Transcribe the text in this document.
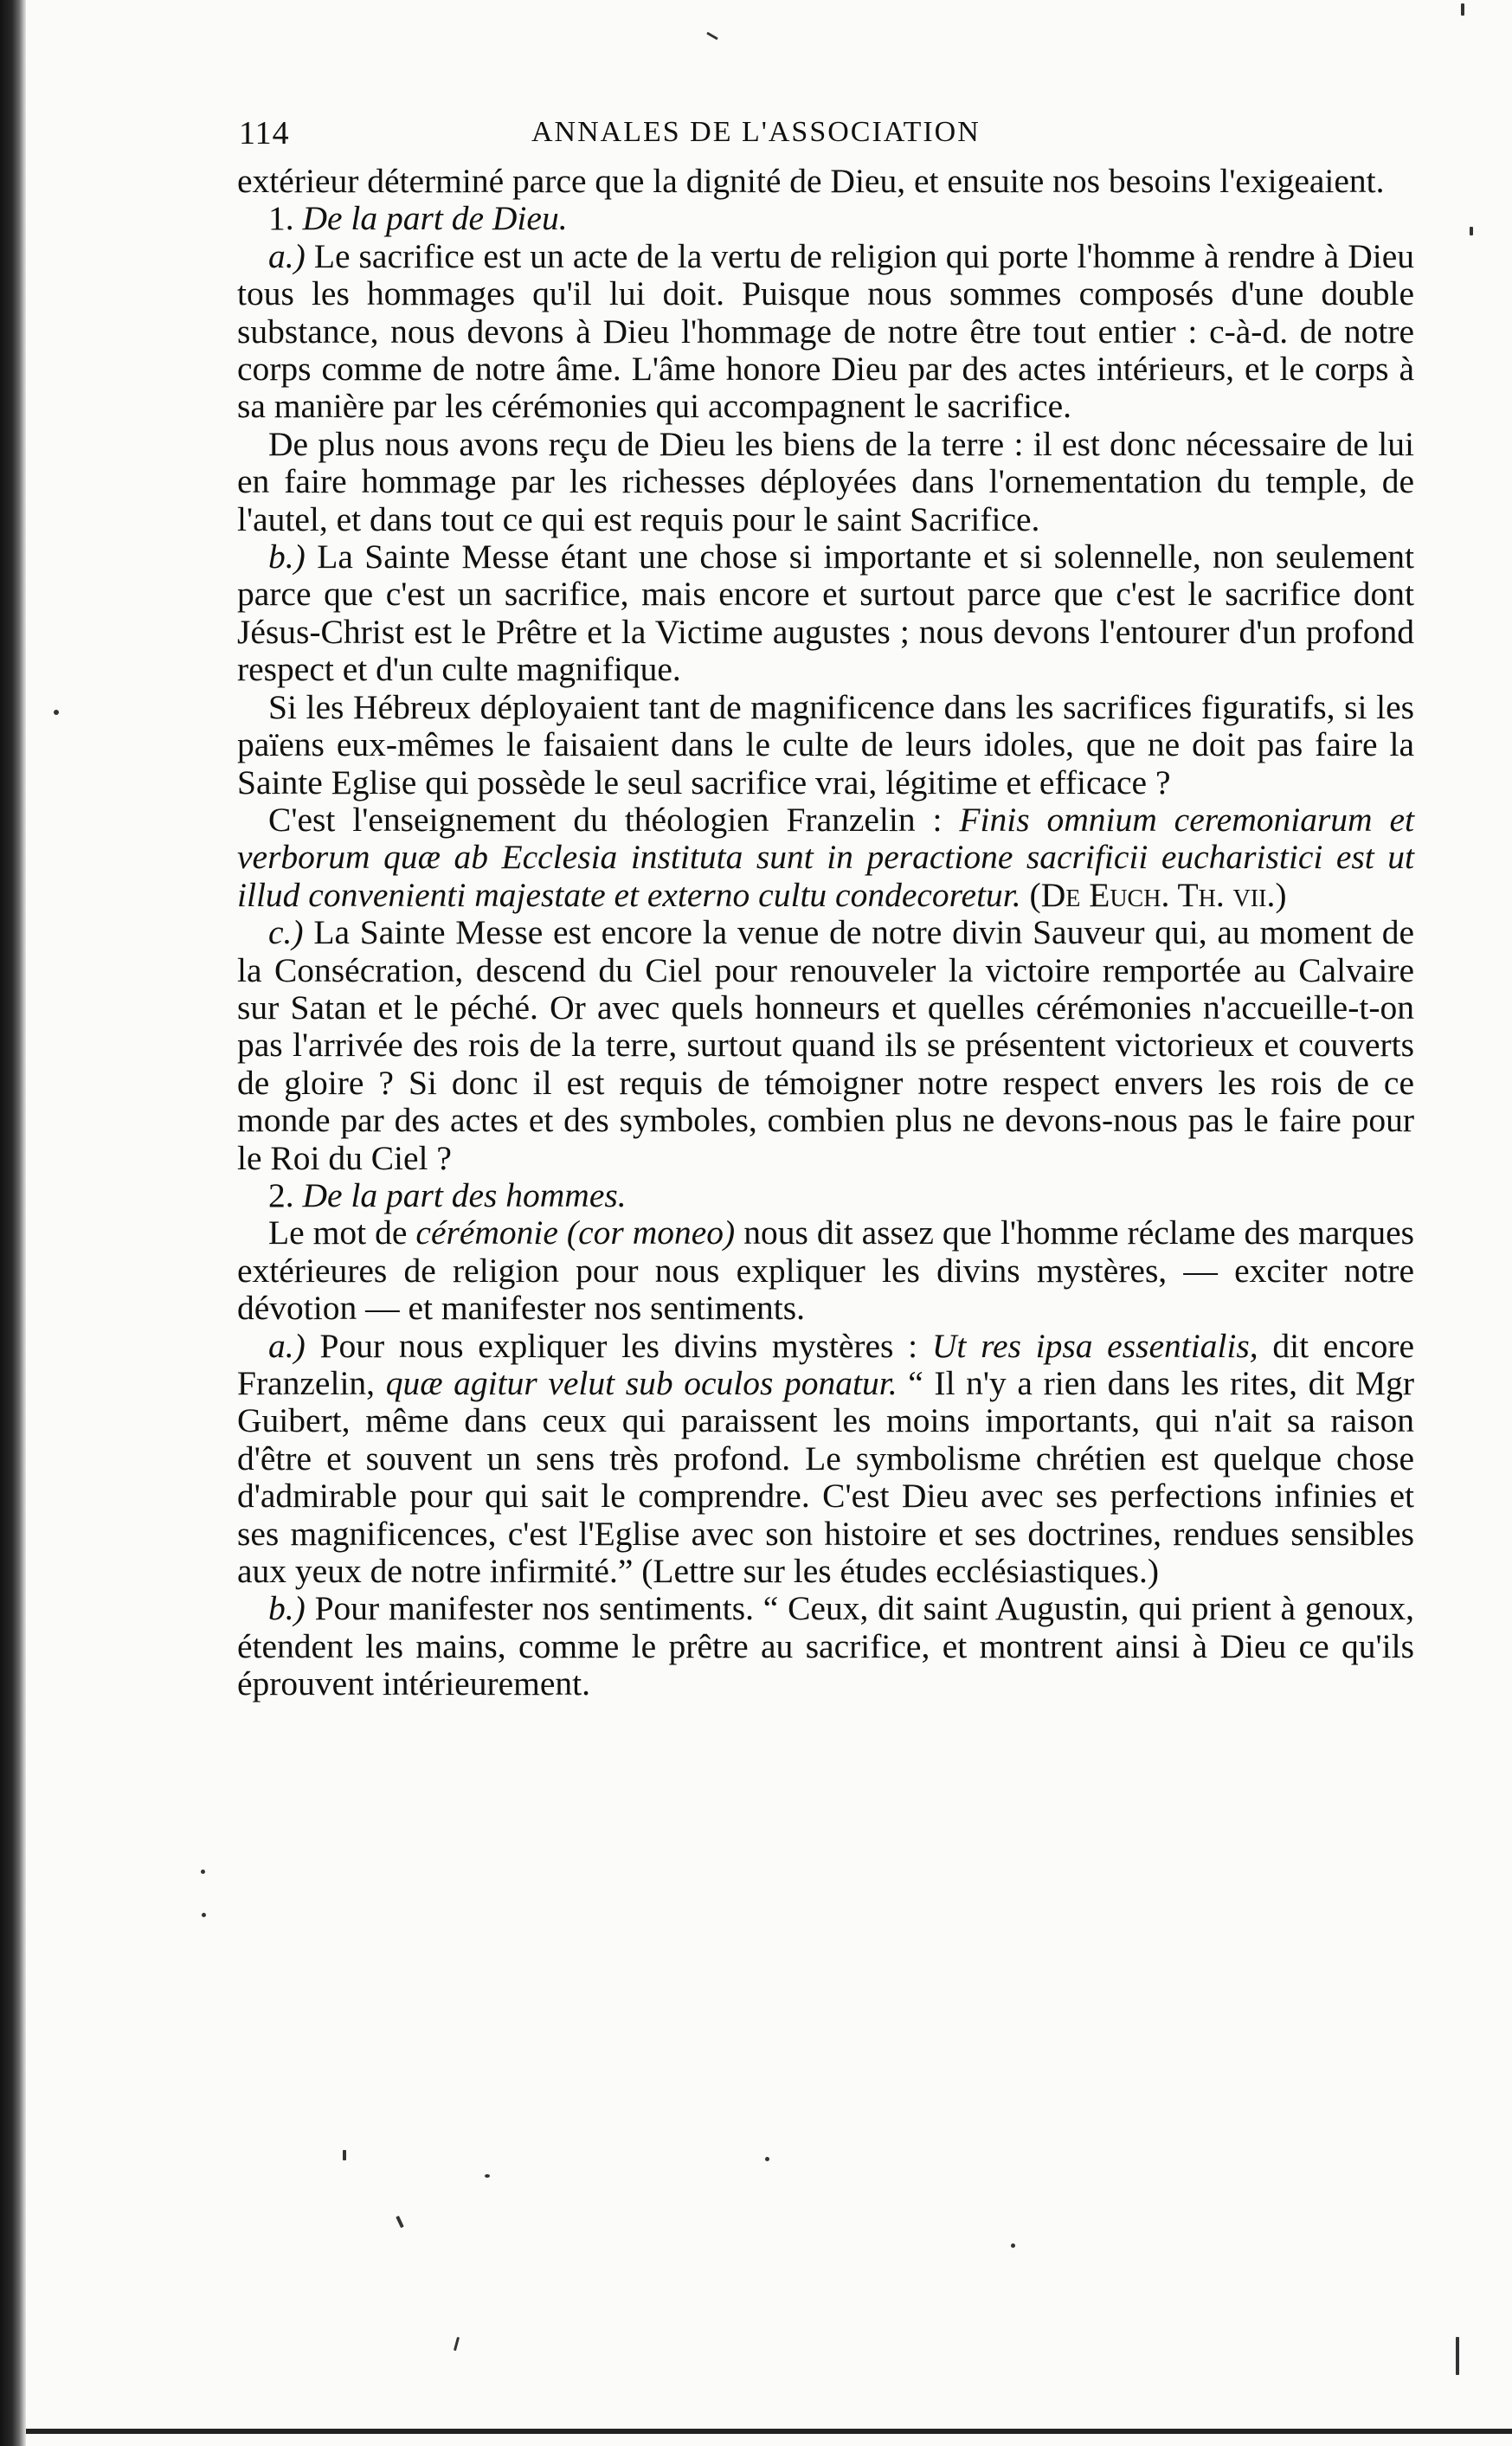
114	ANNALES DE L'ASSOCIATION

extérieur déterminé parce que la dignité de Dieu, et ensuite nos besoins l'exigeaient.

1. De la part de Dieu.

a.) Le sacrifice est un acte de la vertu de religion qui porte l'homme à rendre à Dieu tous les hommages qu'il lui doit. Puisque nous sommes composés d'une double substance, nous devons à Dieu l'hommage de notre être tout entier : c-à-d. de notre corps comme de notre âme. L'âme honore Dieu par des actes intérieurs, et le corps à sa manière par les cérémonies qui accompagnent le sacrifice.

De plus nous avons reçu de Dieu les biens de la terre : il est donc nécessaire de lui en faire hommage par les richesses déployées dans l'ornementation du temple, de l'autel, et dans tout ce qui est requis pour le saint Sacrifice.

b.) La Sainte Messe étant une chose si importante et si solennelle, non seulement parce que c'est un sacrifice, mais encore et surtout parce que c'est le sacrifice dont Jésus-Christ est le Prêtre et la Victime augustes ; nous devons l'entourer d'un profond respect et d'un culte magnifique.

Si les Hébreux déployaient tant de magnificence dans les sacrifices figuratifs, si les païens eux-mêmes le faisaient dans le culte de leurs idoles, que ne doit pas faire la Sainte Eglise qui possède le seul sacrifice vrai, légitime et efficace ?

C'est l'enseignement du théologien Franzelin : Finis omnium ceremoniarum et verborum quæ ab Ecclesia instituta sunt in peractione sacrificii eucharistici est ut illud convenienti majestate et externo cultu condecoretur. (De Euch. Th. vii.)

c.) La Sainte Messe est encore la venue de notre divin Sauveur qui, au moment de la Consécration, descend du Ciel pour renouveler la victoire remportée au Calvaire sur Satan et le péché. Or avec quels honneurs et quelles cérémonies n'accueille-t-on pas l'arrivée des rois de la terre, surtout quand ils se présentent victorieux et couverts de gloire ? Si donc il est requis de témoigner notre respect envers les rois de ce monde par des actes et des symboles, combien plus ne devons-nous pas le faire pour le Roi du Ciel ?

2. De la part des hommes.

Le mot de cérémonie (cor moneo) nous dit assez que l'homme réclame des marques extérieures de religion pour nous expliquer les divins mystères, — exciter notre dévotion — et manifester nos sentiments.

a.) Pour nous expliquer les divins mystères : Ut res ipsa essentialis, dit encore Franzelin, quæ agitur velut sub oculos ponatur. “ Il n'y a rien dans les rites, dit Mgr Guibert, même dans ceux qui paraissent les moins importants, qui n'ait sa raison d'être et souvent un sens très profond. Le symbolisme chrétien est quelque chose d'admirable pour qui sait le comprendre. C'est Dieu avec ses perfections infinies et ses magnificences, c'est l'Eglise avec son histoire et ses doctrines, rendues sensibles aux yeux de notre infirmité.” (Lettre sur les études ecclésiastiques.)

b.) Pour manifester nos sentiments. “ Ceux, dit saint Augustin, qui prient à genoux, étendent les mains, comme le prêtre au sacrifice, et montrent ainsi à Dieu ce qu'ils éprouvent intérieurement.
